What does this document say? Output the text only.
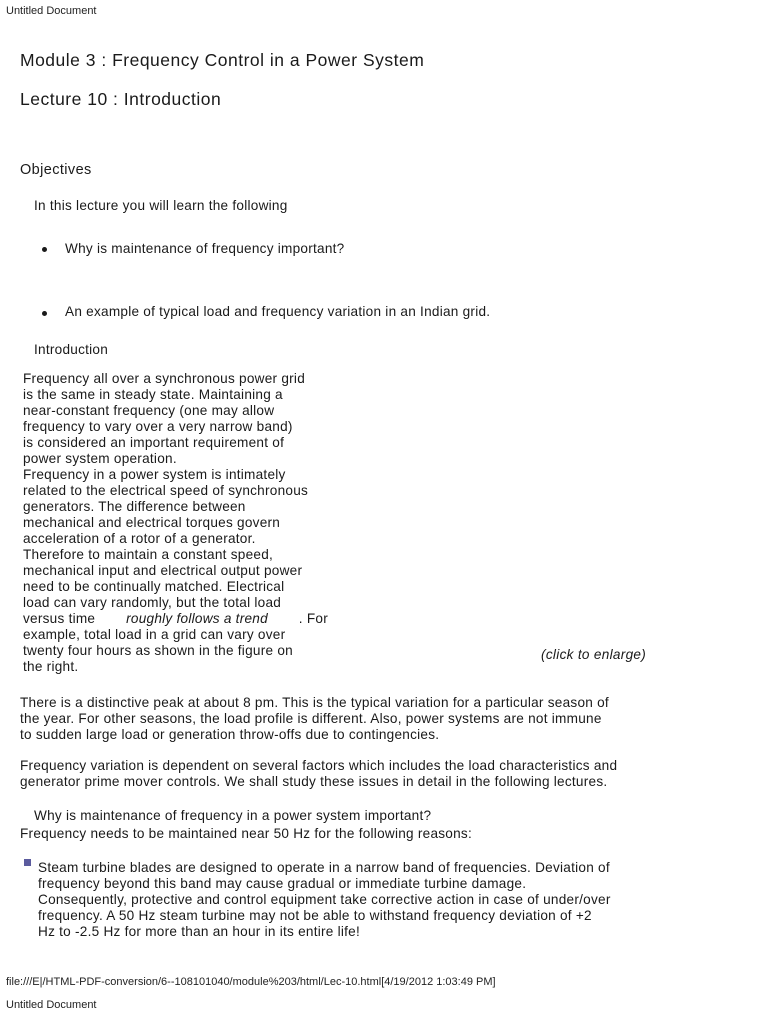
Untitled Document
Module 3 : Frequency Control in a Power System
Lecture 10 : Introduction
Objectives
In this lecture you will learn the following
Why is maintenance of frequency important?
An example of typical load and frequency variation in an Indian grid.
Introduction
Frequency all over a synchronous power grid
is the same in steady state. Maintaining a
near-constant frequency (one may allow
frequency to vary over a very narrow band)
is considered an important requirement of
power system operation.
Frequency in a power system is intimately
related to the electrical speed of synchronous
generators. The difference between
mechanical and electrical torques govern
acceleration of a rotor of a generator.
Therefore to maintain a constant speed,
mechanical input and electrical output power
need to be continually matched. Electrical
load can vary randomly, but the total load
versus time roughly follows a trend . For
example, total load in a grid can vary over
twenty four hours as shown in the figure on
the right.
(click to enlarge)
There is a distinctive peak at about 8 pm. This is the typical variation for a particular season of
the year. For other seasons, the load profile is different. Also, power systems are not immune
to sudden large load or generation throw-offs due to contingencies.
Frequency variation is dependent on several factors which includes the load characteristics and
generator prime mover controls. We shall study these issues in detail in the following lectures.
Why is maintenance of frequency in a power system important?
Frequency needs to be maintained near 50 Hz for the following reasons:
Steam turbine blades are designed to operate in a narrow band of frequencies. Deviation of
frequency beyond this band may cause gradual or immediate turbine damage.
Consequently, protective and control equipment take corrective action in case of under/over
frequency. A 50 Hz steam turbine may not be able to withstand frequency deviation of +2
Hz to -2.5 Hz for more than an hour in its entire life!
file:///E|/HTML-PDF-conversion/6--108101040/module%203/html/Lec-10.html[4/19/2012 1:03:49 PM]
Untitled Document
